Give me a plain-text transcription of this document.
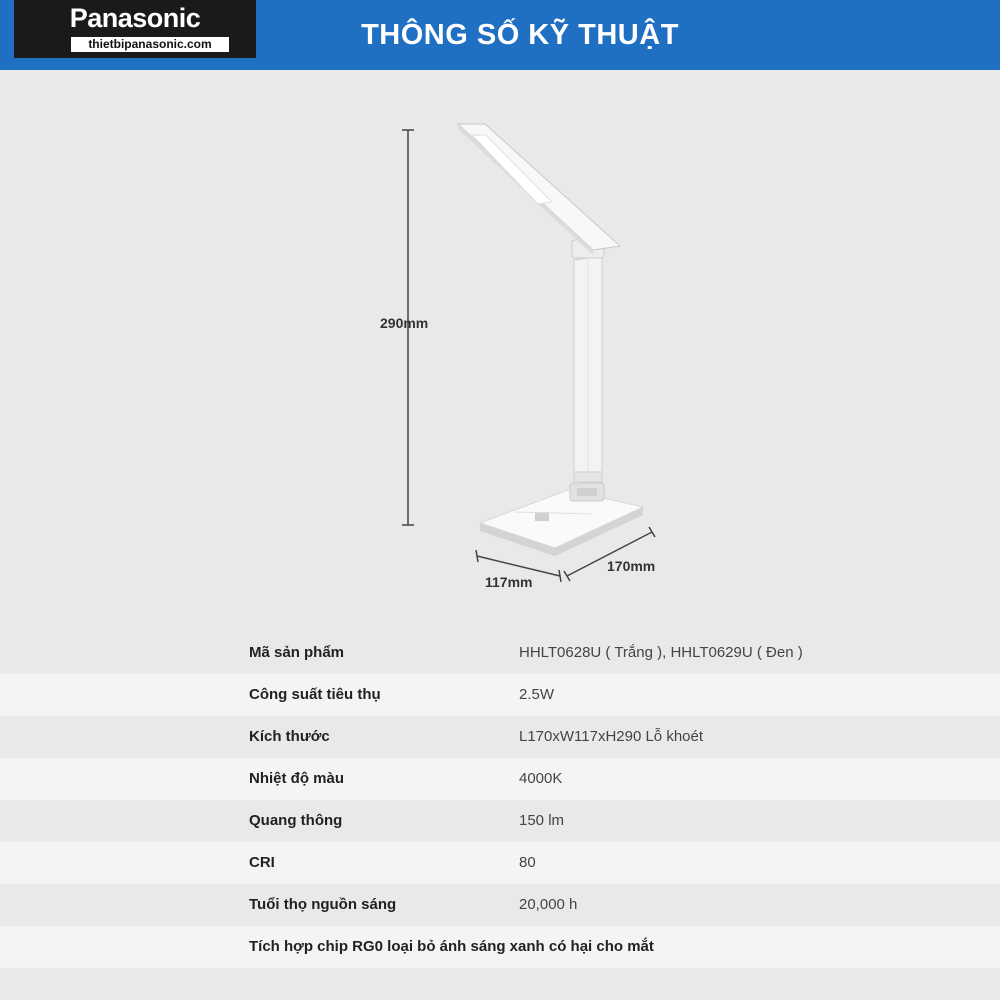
Panasonic
thietbipanasonic.com	THÔNG SỐ KỸ THUẬT
290mm
117mm
170mm
Mã sản phẩm	HHLT0628U ( Trắng ), HHLT0629U ( Đen )
Công suất tiêu thụ	2.5W
Kích thước	L170xW117xH290 Lỗ khoét
Nhiệt độ màu	4000K
Quang thông	150 lm
CRI	80
Tuổi thọ nguồn sáng	20,000 h
Tích hợp chip RG0 loại bỏ ánh sáng xanh có hại cho mắt
